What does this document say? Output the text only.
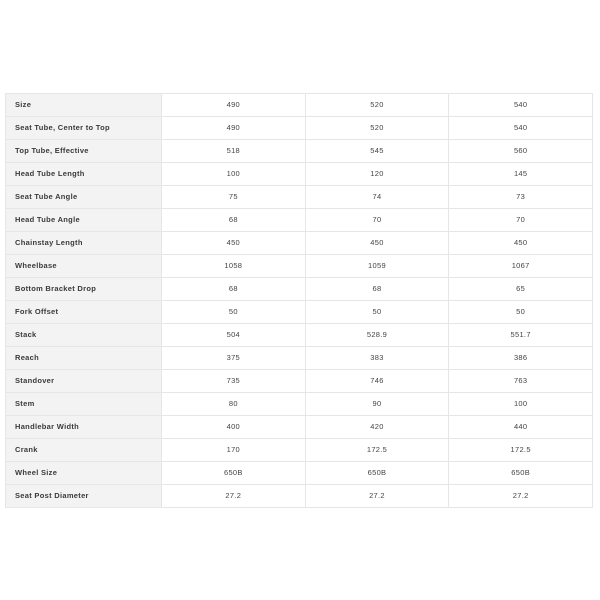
Size	490	520	540
Seat Tube, Center to Top	490	520	540
Top Tube, Effective	518	545	560
Head Tube Length	100	120	145
Seat Tube Angle	75	74	73
Head Tube Angle	68	70	70
Chainstay Length	450	450	450
Wheelbase	1058	1059	1067
Bottom Bracket Drop	68	68	65
Fork Offset	50	50	50
Stack	504	528.9	551.7
Reach	375	383	386
Standover	735	746	763
Stem	80	90	100
Handlebar Width	400	420	440
Crank	170	172.5	172.5
Wheel Size	650B	650B	650B
Seat Post Diameter	27.2	27.2	27.2
